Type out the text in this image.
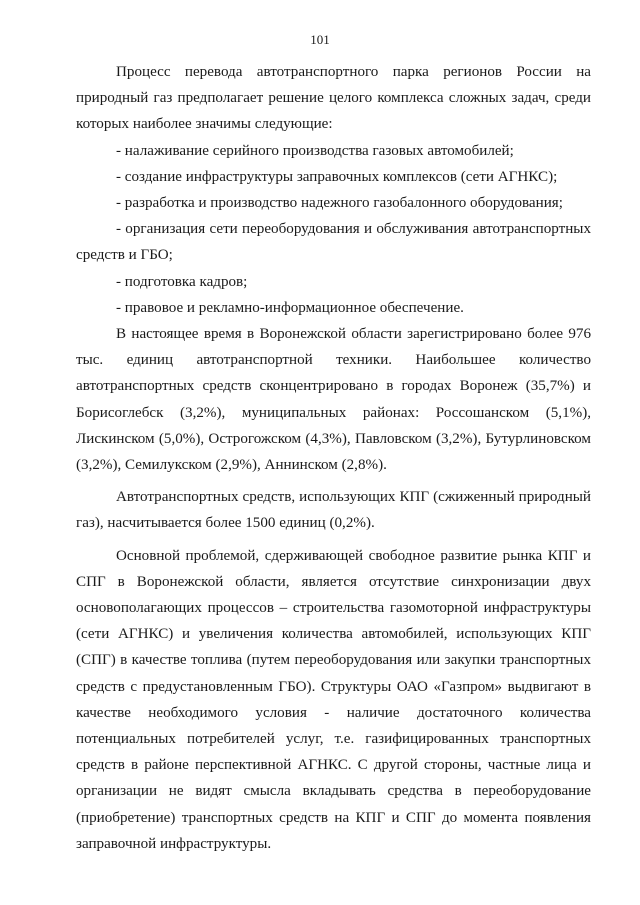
101

Процесс перевода автотранспортного парка регионов России на природный газ предполагает решение целого комплекса сложных задач, среди которых наиболее значимы следующие:

- налаживание серийного производства газовых автомобилей;

- создание инфраструктуры заправочных комплексов (сети АГНКС);

- разработка и производство надежного газобалонного оборудования;

- организация сети переоборудования и обслуживания автотранспортных средств и ГБО;

- подготовка кадров;

- правовое и рекламно-информационное обеспечение.

В настоящее время в Воронежской области зарегистрировано более 976 тыс. единиц автотранспортной техники. Наибольшее количество автотранспортных средств сконцентрировано в городах Воронеж (35,7%) и Борисоглебск (3,2%), муниципальных районах: Россошанском (5,1%), Лискинском (5,0%), Острогожском (4,3%), Павловском (3,2%), Бутурлиновском (3,2%), Семилукском (2,9%), Аннинском (2,8%).

Автотранспортных средств, использующих КПГ (сжиженный природный газ), насчитывается более 1500 единиц (0,2%).

Основной проблемой, сдерживающей свободное развитие рынка КПГ и СПГ в Воронежской области, является отсутствие синхронизации двух основополагающих процессов – строительства газомоторной инфраструктуры (сети АГНКС) и увеличения количества автомобилей, использующих КПГ (СПГ) в качестве топлива (путем переоборудования или закупки транспортных средств с предустановленным ГБО). Структуры ОАО «Газпром» выдвигают в качестве необходимого условия - наличие достаточного количества потенциальных потребителей услуг, т.е. газифицированных транспортных средств в районе перспективной АГНКС. С другой стороны, частные лица и организации не видят смысла вкладывать средства в переоборудование (приобретение) транспортных средств на КПГ и СПГ до момента появления заправочной инфраструктуры.
